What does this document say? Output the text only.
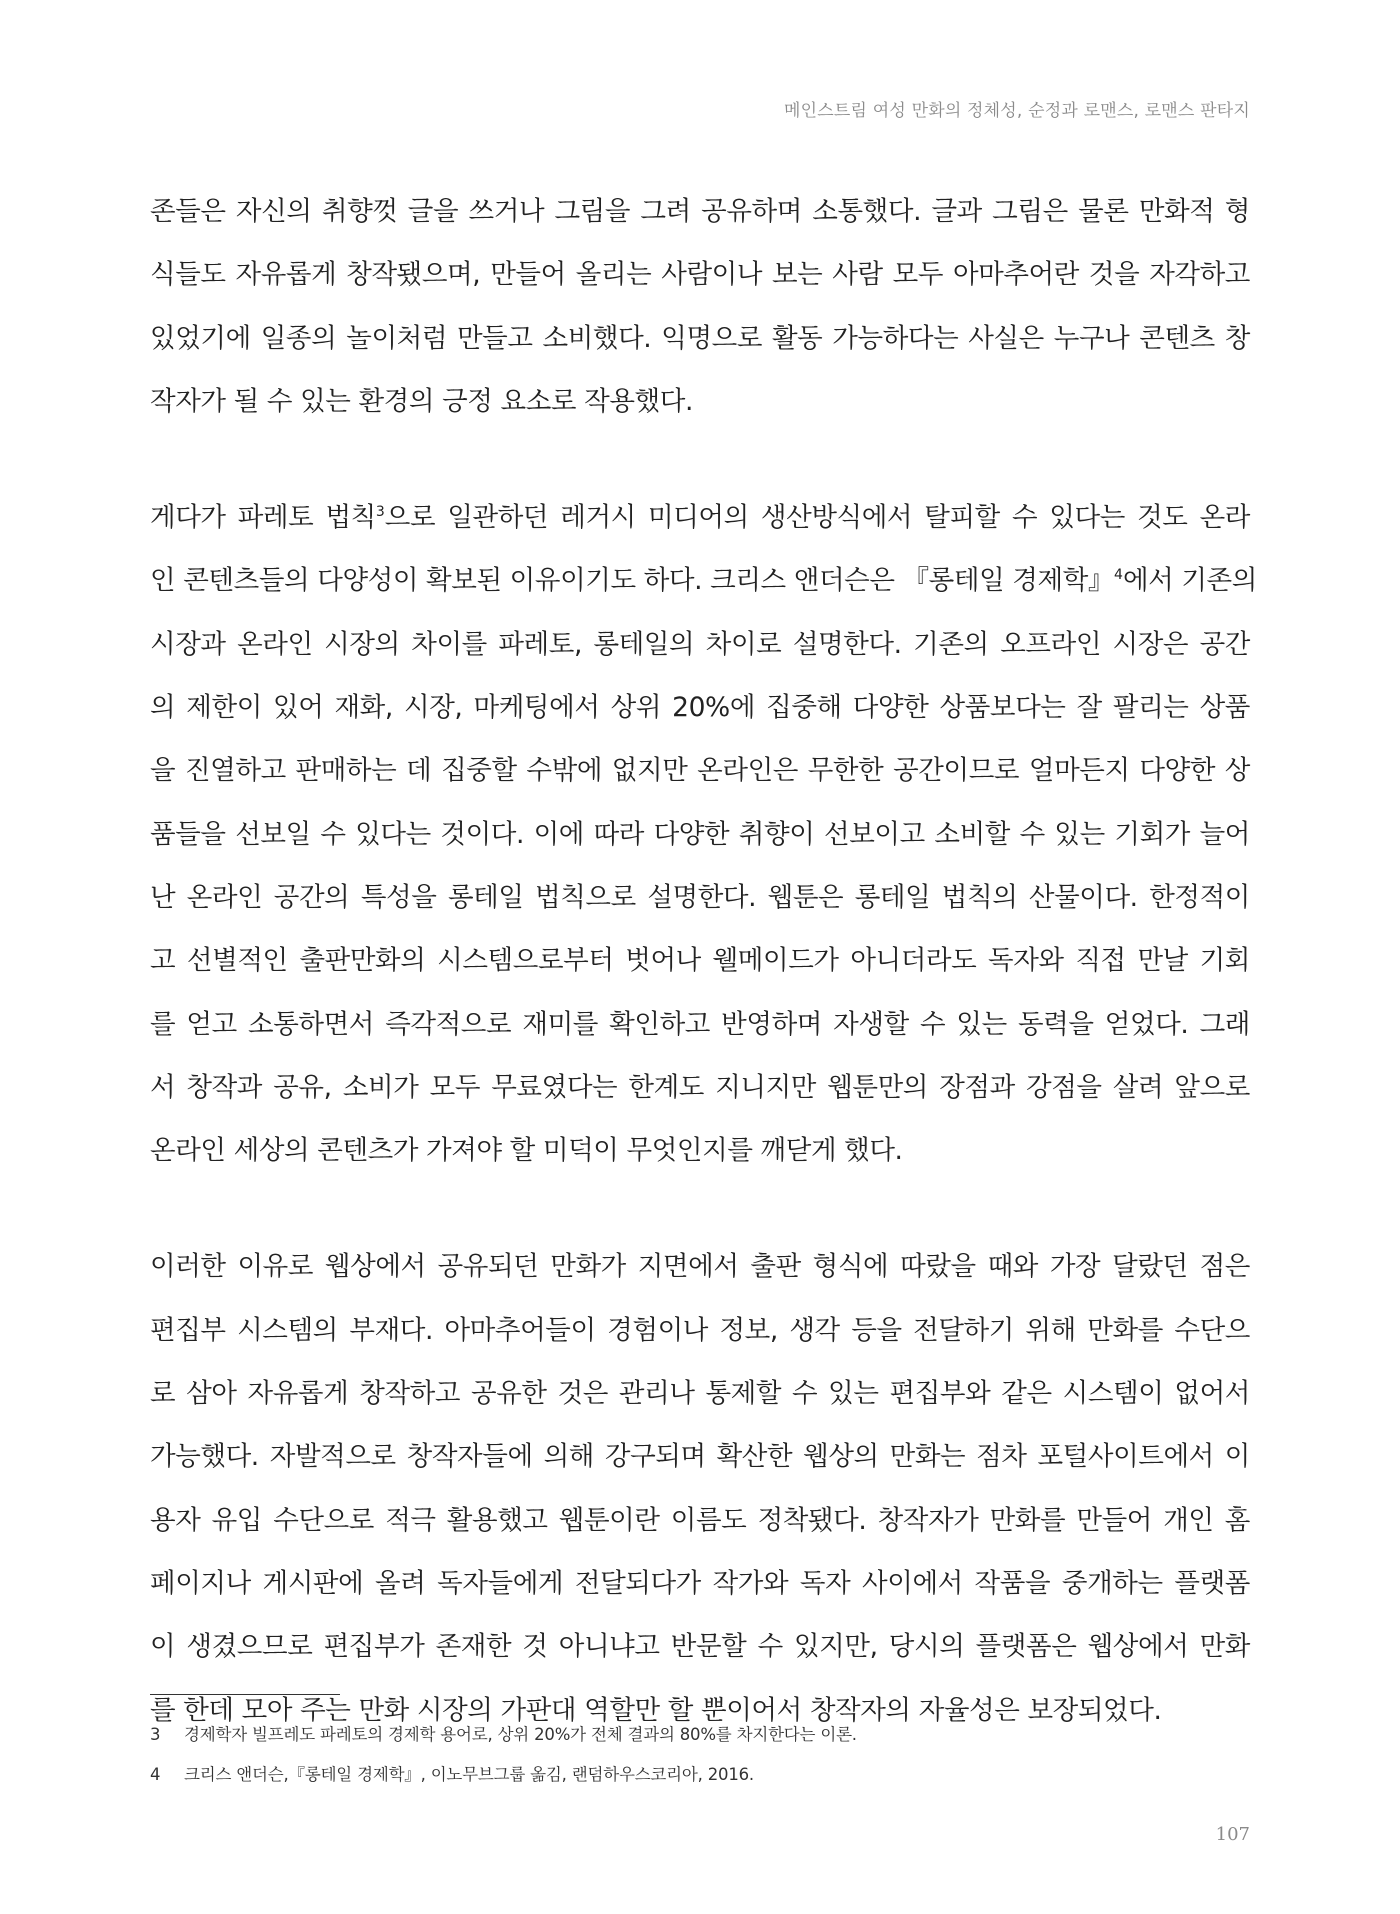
메인스트림 여성 만화의 정체성, 순정과 로맨스, 로맨스 판타지
존들은 자신의 취향껏 글을 쓰거나 그림을 그려 공유하며 소통했다. 글과 그림은 물론 만화적 형
식들도 자유롭게 창작됐으며, 만들어 올리는 사람이나 보는 사람 모두 아마추어란 것을 자각하고
있었기에 일종의 놀이처럼 만들고 소비했다. 익명으로 활동 가능하다는 사실은 누구나 콘텐츠 창
작자가 될 수 있는 환경의 긍정 요소로 작용했다.
게다가 파레토 법칙$^3$으로 일관하던 레거시 미디어의 생산방식에서 탈피할 수 있다는 것도 온라
인 콘텐츠들의 다양성이 확보된 이유이기도 하다. 크리스 앤더슨은 『롱테일 경제학』$^4$에서 기존의
시장과 온라인 시장의 차이를 파레토, 롱테일의 차이로 설명한다. 기존의 오프라인 시장은 공간
의 제한이 있어 재화, 시장, 마케팅에서 상위 20%에 집중해 다양한 상품보다는 잘 팔리는 상품
을 진열하고 판매하는 데 집중할 수밖에 없지만 온라인은 무한한 공간이므로 얼마든지 다양한 상
품들을 선보일 수 있다는 것이다. 이에 따라 다양한 취향이 선보이고 소비할 수 있는 기회가 늘어
난 온라인 공간의 특성을 롱테일 법칙으로 설명한다. 웹툰은 롱테일 법칙의 산물이다. 한정적이
고 선별적인 출판만화의 시스템으로부터 벗어나 웰메이드가 아니더라도 독자와 직접 만날 기회
를 얻고 소통하면서 즉각적으로 재미를 확인하고 반영하며 자생할 수 있는 동력을 얻었다. 그래
서 창작과 공유, 소비가 모두 무료였다는 한계도 지니지만 웹툰만의 장점과 강점을 살려 앞으로
온라인 세상의 콘텐츠가 가져야 할 미덕이 무엇인지를 깨닫게 했다.
이러한 이유로 웹상에서 공유되던 만화가 지면에서 출판 형식에 따랐을 때와 가장 달랐던 점은
편집부 시스템의 부재다. 아마추어들이 경험이나 정보, 생각 등을 전달하기 위해 만화를 수단으
로 삼아 자유롭게 창작하고 공유한 것은 관리나 통제할 수 있는 편집부와 같은 시스템이 없어서
가능했다. 자발적으로 창작자들에 의해 강구되며 확산한 웹상의 만화는 점차 포털사이트에서 이
용자 유입 수단으로 적극 활용했고 웹툰이란 이름도 정착됐다. 창작자가 만화를 만들어 개인 홈
페이지나 게시판에 올려 독자들에게 전달되다가 작가와 독자 사이에서 작품을 중개하는 플랫폼
이 생겼으므로 편집부가 존재한 것 아니냐고 반문할 수 있지만, 당시의 플랫폼은 웹상에서 만화
를 한데 모아 주는 만화 시장의 가판대 역할만 할 뿐이어서 창작자의 자율성은 보장되었다.
3 경제학자 빌프레도 파레토의 경제학 용어로, 상위 20%가 전체 결과의 80%를 차지한다는 이론.
4 크리스 앤더슨,『롱테일 경제학』, 이노무브그룹 옮김, 랜덤하우스코리아, 2016.
107
